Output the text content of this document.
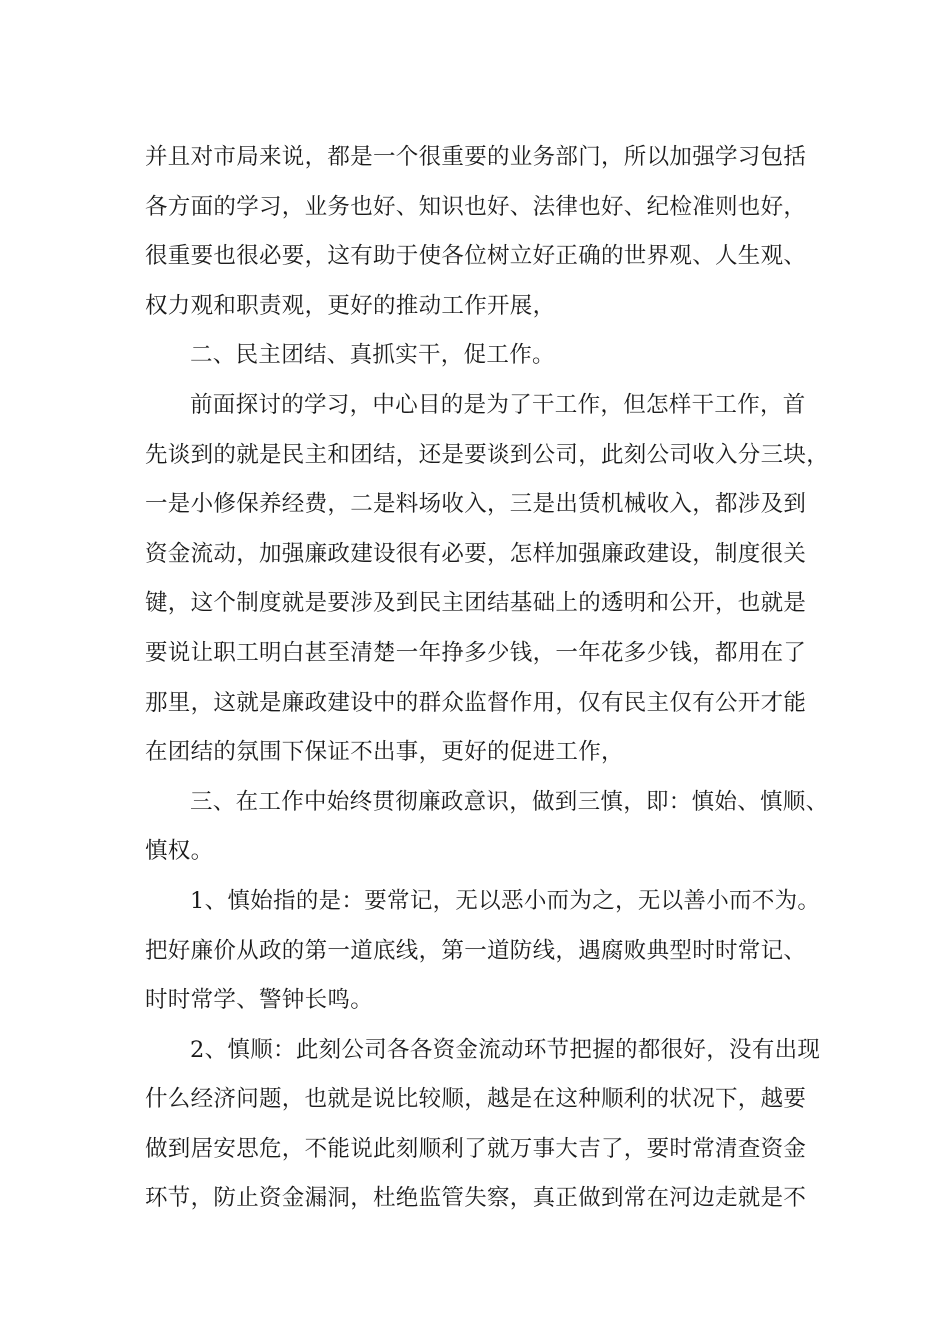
并且对市局来说，都是一个很重要的业务部门，所以加强学习包括
各方面的学习，业务也好、知识也好、法律也好、纪检准则也好，
很重要也很必要，这有助于使各位树立好正确的世界观、人生观、
权力观和职责观，更好的推动工作开展，
二、民主团结、真抓实干，促工作。
前面探讨的学习，中心目的是为了干工作，但怎样干工作，首
先谈到的就是民主和团结，还是要谈到公司，此刻公司收入分三块，
一是小修保养经费，二是料场收入，三是出赁机械收入，都涉及到
资金流动，加强廉政建设很有必要，怎样加强廉政建设，制度很关
键，这个制度就是要涉及到民主团结基础上的透明和公开，也就是
要说让职工明白甚至清楚一年挣多少钱，一年花多少钱，都用在了
那里，这就是廉政建设中的群众监督作用，仅有民主仅有公开才能
在团结的氛围下保证不出事，更好的促进工作，
三、在工作中始终贯彻廉政意识，做到三慎，即：慎始、慎顺、
慎权。
1、慎始指的是：要常记，无以恶小而为之，无以善小而不为。
把好廉价从政的第一道底线，第一道防线，遇腐败典型时时常记、
时时常学、警钟长鸣。
2、慎顺：此刻公司各各资金流动环节把握的都很好，没有出现
什么经济问题，也就是说比较顺，越是在这种顺利的状况下，越要
做到居安思危，不能说此刻顺利了就万事大吉了，要时常清查资金
环节，防止资金漏洞，杜绝监管失察，真正做到常在河边走就是不
